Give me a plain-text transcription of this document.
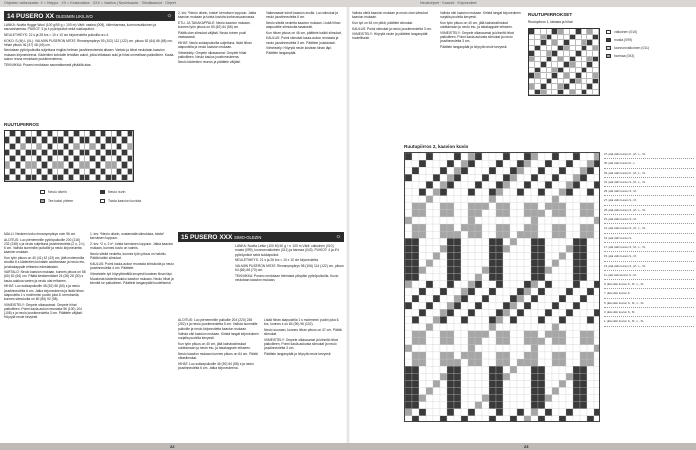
Ohjeiden vaikeusaste: X = Helppo · XX = Keskivaikea · XXX = Vaativa | Neulekaavio · Silmäkaaviot · Ohjeet	Neuleohjeet · Kaaviot · Kirjoneuleet
22	23
14 PUSERO XX OLESMIN LIKILIVO	☼

LANKA: Novita Hygge Wool (100 g/50 g = 100 m) Värit: vaalea (008), hiilenharmaa, luonnonvalkoinen ja sauvanharmaa. PUIKOT: 3 ja 4 pyöröpuikot sekä sukkapuikot.

NEULETIHEYS: 22 s ja 28 krs = 10 x 10 cm kirjoneuletta puikoilla nro 4.

KOKO: S (M) L (XL). VALMIIN PUSERON MITAT: Rinnanympärys 93 (102) 112 (122) cm, pituus 62 (64) 66 (68) cm, hihan pituus 46 (47) 48 (49) cm.

Neulotaan pyöröpuikoilla suljettuna ringiksi helman joustinneuleesta alkaen. Vartalo ja hihat neulotaan kaavion mukaan kirjoneuleena. Kädentien kohdalle tehdään aukot, jotka leikataan auki ja hihat ommellaan paikoilleen. Kaula-aukon reuna neulotaan joustinneuleena.

TEKNIIKKA: Pusero neulotaan saumattomasti ylhäältä alas.

RUUTUPIIRROS
Neulo oikein	Neulo nurin
Tee kaksi yhteen	Toista kaavion kuviota

MALLI: Neuleen koko rinnanympärys noin 96 cm.

ALOITUS: Luo pienemmille pyöröpuikoille 200 (216) 232 (248) s ja neulo suljettuna joustinneuletta (2 o, 2 n) 6 cm. Vaihda isommille puikoille ja neulo kirjoneuletta kaavion mukaan.

Kun työn pituus on 40 (41) 42 (43) cm, jätä molemmilta sivuilta 8 s kädentien kohdalle odottamaan ja neulo etu- ja takakappale erikseen edestakaisin.

VARTALO: Neulo kaavion mukaan, kunnes pituus on 58 (60) 62 (64) cm. Päätä keskimmäiset 24 (26) 28 (30) s kaula-aukkoa varten ja neulo olat erikseen.

HIHAT: Luo sukkapuikoille 48 (52) 56 (60) s ja neulo joustinneuletta 6 cm. Jatka kirjoneuleena ja lisää hihan alapuolella 1 s molemmin puolin joka 8. kerroksella, kunnes silmukoita on 80 (86) 92 (98).

VIIMEISTELY: Ompele olkasaumat. Ompele hihat paikoilleen. Poimi kaula-aukon reunasta 96 (100) 104 (108) s ja neulo joustinneuletta 3 cm. Päättele väljästi. Höyrytä neule kevyesti.

1. krs: *Neulo oikein, nostamatta silmukkaa, toista* kerroksen loppuun.

2. krs: *2 o, 2 n*, toista kerroksen loppuun. Jatka kaavion mukaan, kunnes kuvio on valmis.

Neulo sileää neuletta, kunnes työn pituus on haluttu. Päätä kaikki silmukat.

KAULUS: Poimi kaula-aukon reunasta silmukoita ja neulo joustinneuletta 4 cm. Päättele.

Viimeistele työ höyryttämällä kevyesti kostean liinan läpi.

Muodosta kädentieaukko kaavion mukaan. Neulo hihat ja kiinnitä ne paikoilleen. Päättele langanpäät huolellisesti.

2. krs: *Neulo oikein, toista* kerroksen loppuun. Jatka kaavion mukaan ja toista kuviota korkeussuunnassa.

ETU- JA TAKAKAPPALE: Neulo kaavion mukaan, kunnes työn pituus on 60 (62) 64 (66) cm.

Päätä olan silmukat väljästi. Neulo toinen puoli vastaavasti.

HIHAT: Neulo sukkapuikoilla suljettuna, lisää hihan alapuolella ja neulo kaavion mukaan.

Viimeistely: Ompele olkasaumat. Ompele hihat paikoilleen. Neulo kaulus joustinneuleena.

Neulo kädentien reunus ja päättele väljästi.

Vaikeusaste toimii kaavion avulla. Luo silmukat ja neulo joustinneuletta 6 cm.

Neulo sileää neuletta kaavion mukaan. Lisää hihan alapuolelle silmukoita tasaisesti.

Kun hihan pituus on 46 cm, päättele kaikki silmukat.

KAULUS: Poimi silmukat kaula-aukon reunasta ja neulo joustinneuletta 3 cm. Päättele joustavasti.

Viimeistely: Höyrytä neule kostean liinan läpi. Päättele langanpäät.

15 PUSERO XXX SIMO-OLEZIN	☼

LANKA: Novita Lettur (100 M) 50 g / n. 100 m Värit: valkoinen (010), musta (099), luonnonvalkoinen (011) ja harmaa (043). PUIKOT: 4 ja 4½ pyöröpuikot sekä sukkapuikot.

NEULETIHEYS: 21 s ja 26 krs = 10 x 10 cm kirjoneuletta.

VALMIIN PUSERON MITAT: Rinnanympärys 98 (106) 114 (122) cm, pituus 64 (66) 68 (70) cm.

TEKNIIKKA: Pusero neulotaan helmasta ylöspäin pyöröpuikoilla. Kuvio neulotaan kaavion mukaan.

ALOITUS: Luo pienemmille puikoille 204 (220) 236 (252) s ja neulo joustinneuletta 5 cm. Vaihda isommille puikoille ja neulo kirjoneuletta kaavion mukaan.

Vaihda väri kaavion mukaan. Kiristä langat kirjoneuleen nurjalla puolella kevyesti.

Kun työn pituus on 40 cm, jätä kainalosilmukat odottamaan ja neulo etu- ja takakappale erikseen.

Neulo kaavion mukaan kunnes pituus on 64 cm. Päätä olkasilmukat.

HIHAT: Luo sukkapuikoille 46 (50) 54 (58) s ja neulo joustinneuletta 6 cm. Jatka kirjoneuleena.

Lisää hihan alapuolella 1 s molemmin puolin joka 6. krs, kunnes s on 84 (90) 96 (102).

Neulo suoraan, kunnes hihan pituus on 47 cm. Päätä silmukat.

VIIMEISTELY: Ompele olkasaumat ja kiinnitä hihat paikoilleen. Poimi kaula-aukosta silmukat ja neulo joustinneuletta 3 cm.

Päättele langanpäät ja höyrytä neule kevyesti.

Vaihda väriä kaavion mukaan ja neulo olan silmukat kaavion mukaan.

Kun työ on 64 cm pitkä, päättele silmukat.

KAULUS: Poimi silmukat ja neulo joustinneuletta 3 cm.

VIIMEISTELY: Höyrytä neule ja päättele langanpäät huolellisesti.

Vaihda väri kaavion mukaan. Kiristä langat kirjoneuleen nurjalla puolella kevyesti.

Kun työn pituus on 40 cm, jätä kainalosilmukat odottamaan ja neulo etu- ja takakappale erikseen.

VIIMEISTELY: Ompele olkasaumat ja kiinnitä hihat paikoilleen. Poimi kaula-aukosta silmukat ja neulo joustinneuletta 3 cm.

Päättele langanpäät ja höyrytä neule kevyesti.

RUUTUPIIRROKSET
Ruutupiirros 1, takasta ja hihat
valkoinen (010)
musta (099)
luonnonvalkoinen (011)
harmaa (043)
Ruutupiirros 2, kaavion kuvio
37. jätä välin kuvion K., M., L., XL
35. jätä välin kuvion K., L.
33. jätä välin kuvion K., M., L., XL
31. jätä välin kuvion S., M., L., XL
29. jätä välin kuvion S., M.
27. jätä välin kuvion S., M.
25. jätä välin kuvion S., M., L., XL
23. jätä välin kuvion S., M.
21. jätä välin kuvion S., M., L., XL
19. jätä välin kuvion S.
17. jätä välin kuvion S., M., L., XL
15. jätä välin kuvion S., M.
13. jätä välin kuvion S., M., L., XL
11. jätä välin kuvion S., M.
9. jätä välin kuvion S., M., L., XL
7. jätä välin kuvion S.
5. jätä välin kuvion S., M., L., XL
3. jätä välin kuvion S., M.
1. jätä välin kuvion S., M., L., XL
